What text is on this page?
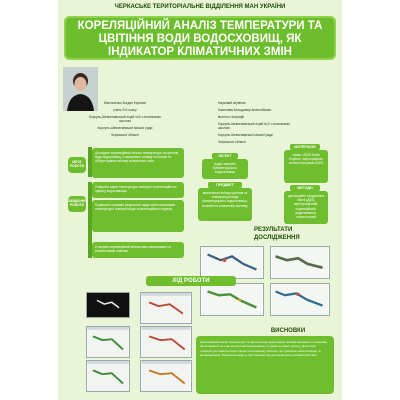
ЧЕРКАСЬКЕ ТЕРИТОРІАЛЬНЕ ВІДДІЛЕННЯ МАН УКРАЇНИ
КОРЕЛЯЦІЙНИЙ АНАЛІЗ ТЕМПЕРАТУРИ ТА
ЦВІТІННЯ ВОДИ ВОДОСХОВИЩ, ЯК
ІНДИКАТОР КЛІМАТИЧНИХ ЗМІН
Ємельченко Богдан Ігорович
учень 9-Б класу
Корсунь-Шевченківський ліцей №3 з початковою
школою
Корсунь-Шевченківської міської ради
Черкаської області
Науковий керівник:
Кошелєва Володимир Анатолійович
вчитель географії
Корсунь-Шевченківський ліцей №3 з початковою
школою
Корсунь-Шевченківської міської ради
Черкаської області
МЕТА РОБОТИ
Дослідити кореляційний зв'язок температури та цвітіння води водосховищ, її можливого впливу на клімат та обґрунтування впливу кліматичних змін.
ЗАВДАННЯ РОБОТИ
Створити карти температури поверхні та вегетаційного індексу водосховища
Порівняти отримані результати щодо зміни показників температури поверхні води та вегетаційного індексу
Створити кореляційний зв'язок між показниками та кліматичними змінами
ОБ'ЄКТ
водні поверхні Кременчуцького водосховища
ПРЕДМЕТ
визначення зв'язку цвітіння та температури води Кременчуцького водосховища, впливів на кліматичну систему
МАТЕРІАЛИ
сервіс USGS Earth Explorer, картографічні оптичні програми QGIS
МЕТОДИ
дистанційне зондування Землі (ДЗЗ), картографічний, кореляційний, моделювання, статистичний
РЕЗУЛЬТАТИ ДОСЛІДЖЕННЯ
ХІД РОБОТИ
ВИСНОВКИ
Кореляційний аналіз температури та цвітіння води водосховищ показав залежність показників, що впливають на стан екосистеми водосховища, а також на клімат регіону. Зростання температури поверхні води сприяє інтенсивному цвітінню, що зумовлює зміни альбедо та випаровування. Результати можуть бути використані для моніторингу кліматичних змін.
